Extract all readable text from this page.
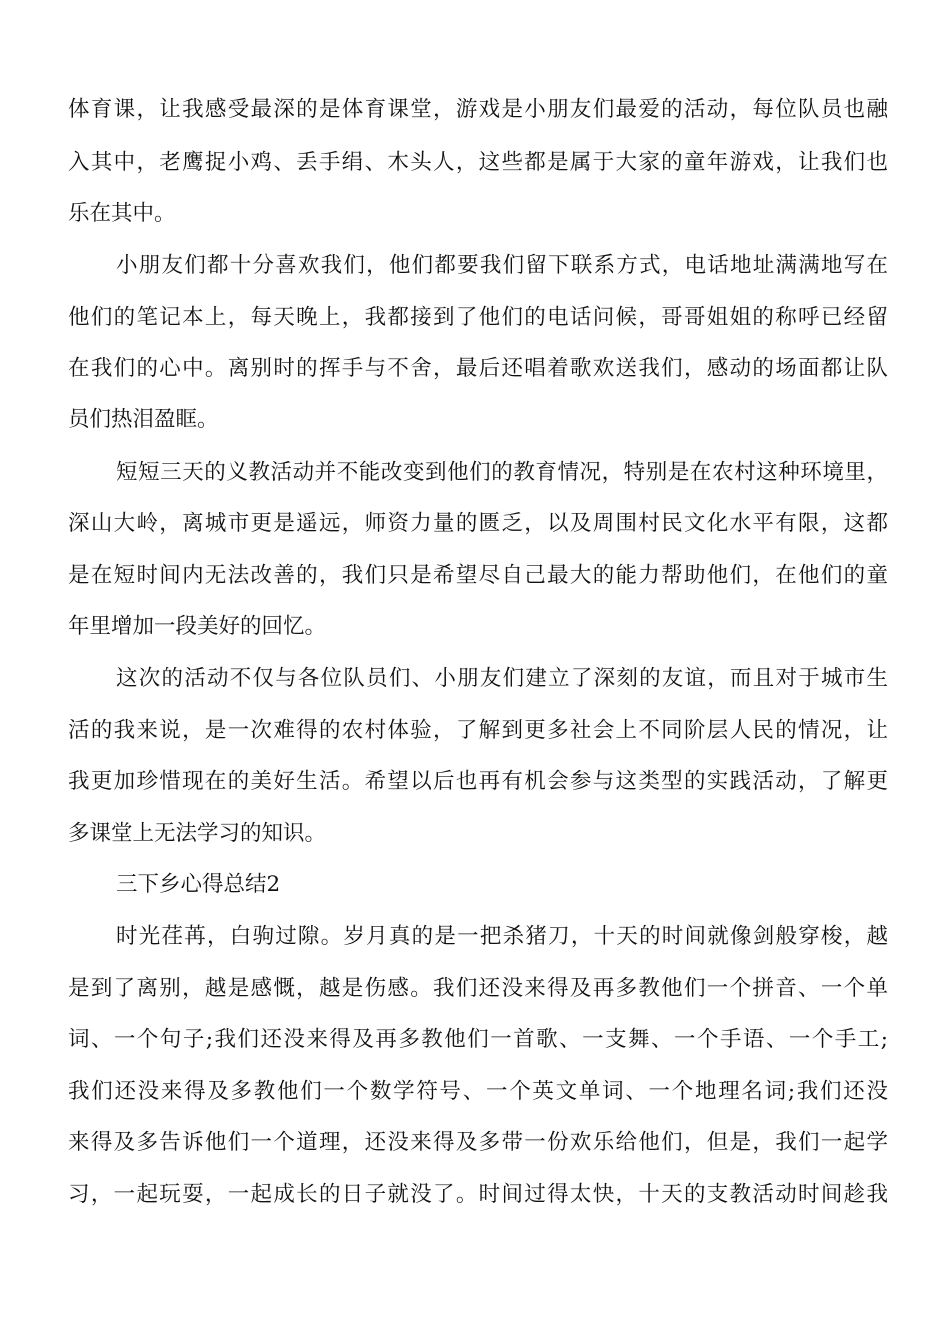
体育课，让我感受最深的是体育课堂，游戏是小朋友们最爱的活动，每位队员也融

入其中，老鹰捉小鸡、丢手绢、木头人，这些都是属于大家的童年游戏，让我们也

乐在其中。

小朋友们都十分喜欢我们，他们都要我们留下联系方式，电话地址满满地写在

他们的笔记本上，每天晚上，我都接到了他们的电话问候，哥哥姐姐的称呼已经留

在我们的心中。离别时的挥手与不舍，最后还唱着歌欢送我们，感动的场面都让队

员们热泪盈眶。

短短三天的义教活动并不能改变到他们的教育情况，特别是在农村这种环境里，

深山大岭，离城市更是遥远，师资力量的匮乏，以及周围村民文化水平有限，这都

是在短时间内无法改善的，我们只是希望尽自己最大的能力帮助他们，在他们的童

年里增加一段美好的回忆。

这次的活动不仅与各位队员们、小朋友们建立了深刻的友谊，而且对于城市生

活的我来说，是一次难得的农村体验，了解到更多社会上不同阶层人民的情况，让

我更加珍惜现在的美好生活。希望以后也再有机会参与这类型的实践活动，了解更

多课堂上无法学习的知识。

三下乡心得总结2

时光荏苒，白驹过隙。岁月真的是一把杀猪刀，十天的时间就像剑般穿梭，越

是到了离别，越是感慨，越是伤感。我们还没来得及再多教他们一个拼音、一个单

词、一个句子;我们还没来得及再多教他们一首歌、一支舞、一个手语、一个手工;

我们还没来得及多教他们一个数学符号、一个英文单词、一个地理名词;我们还没

来得及多告诉他们一个道理，还没来得及多带一份欢乐给他们，但是，我们一起学

习，一起玩耍，一起成长的日子就没了。时间过得太快，十天的支教活动时间趁我
